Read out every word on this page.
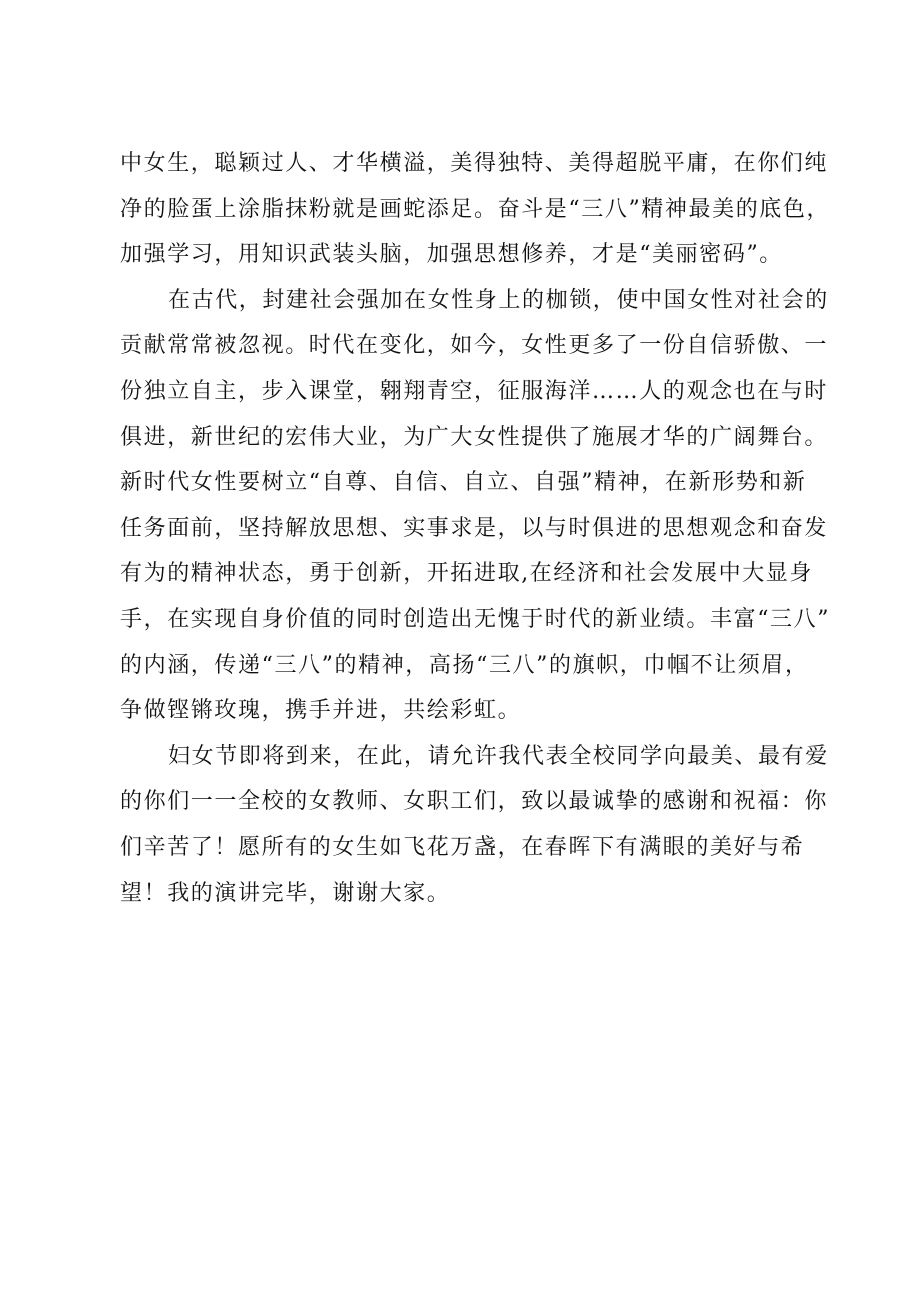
中女生，聪颖过人、才华横溢，美得独特、美得超脱平庸，在你们纯
净的脸蛋上涂脂抹粉就是画蛇添足。奋斗是“三八”精神最美的底色，
加强学习，用知识武装头脑，加强思想修养，才是“美丽密码”。
在古代，封建社会强加在女性身上的枷锁，使中国女性对社会的
贡献常常被忽视。时代在变化，如今，女性更多了一份自信骄傲、一
份独立自主，步入课堂，翱翔青空，征服海洋……人的观念也在与时
俱进，新世纪的宏伟大业，为广大女性提供了施展才华的广阔舞台。
新时代女性要树立“自尊、自信、自立、自强”精神，在新形势和新
任务面前，坚持解放思想、实事求是，以与时俱进的思想观念和奋发
有为的精神状态，勇于创新，开拓进取,在经济和社会发展中大显身
手，在实现自身价值的同时创造出无愧于时代的新业绩。丰富“三八”
的内涵，传递“三八”的精神，高扬“三八”的旗帜，巾帼不让须眉，
争做铿锵玫瑰，携手并进，共绘彩虹。
妇女节即将到来，在此，请允许我代表全校同学向最美、最有爱
的你们一一全校的女教师、女职工们，致以最诚挚的感谢和祝福：你
们辛苦了！愿所有的女生如飞花万盏，在春晖下有满眼的美好与希
望！我的演讲完毕，谢谢大家。
